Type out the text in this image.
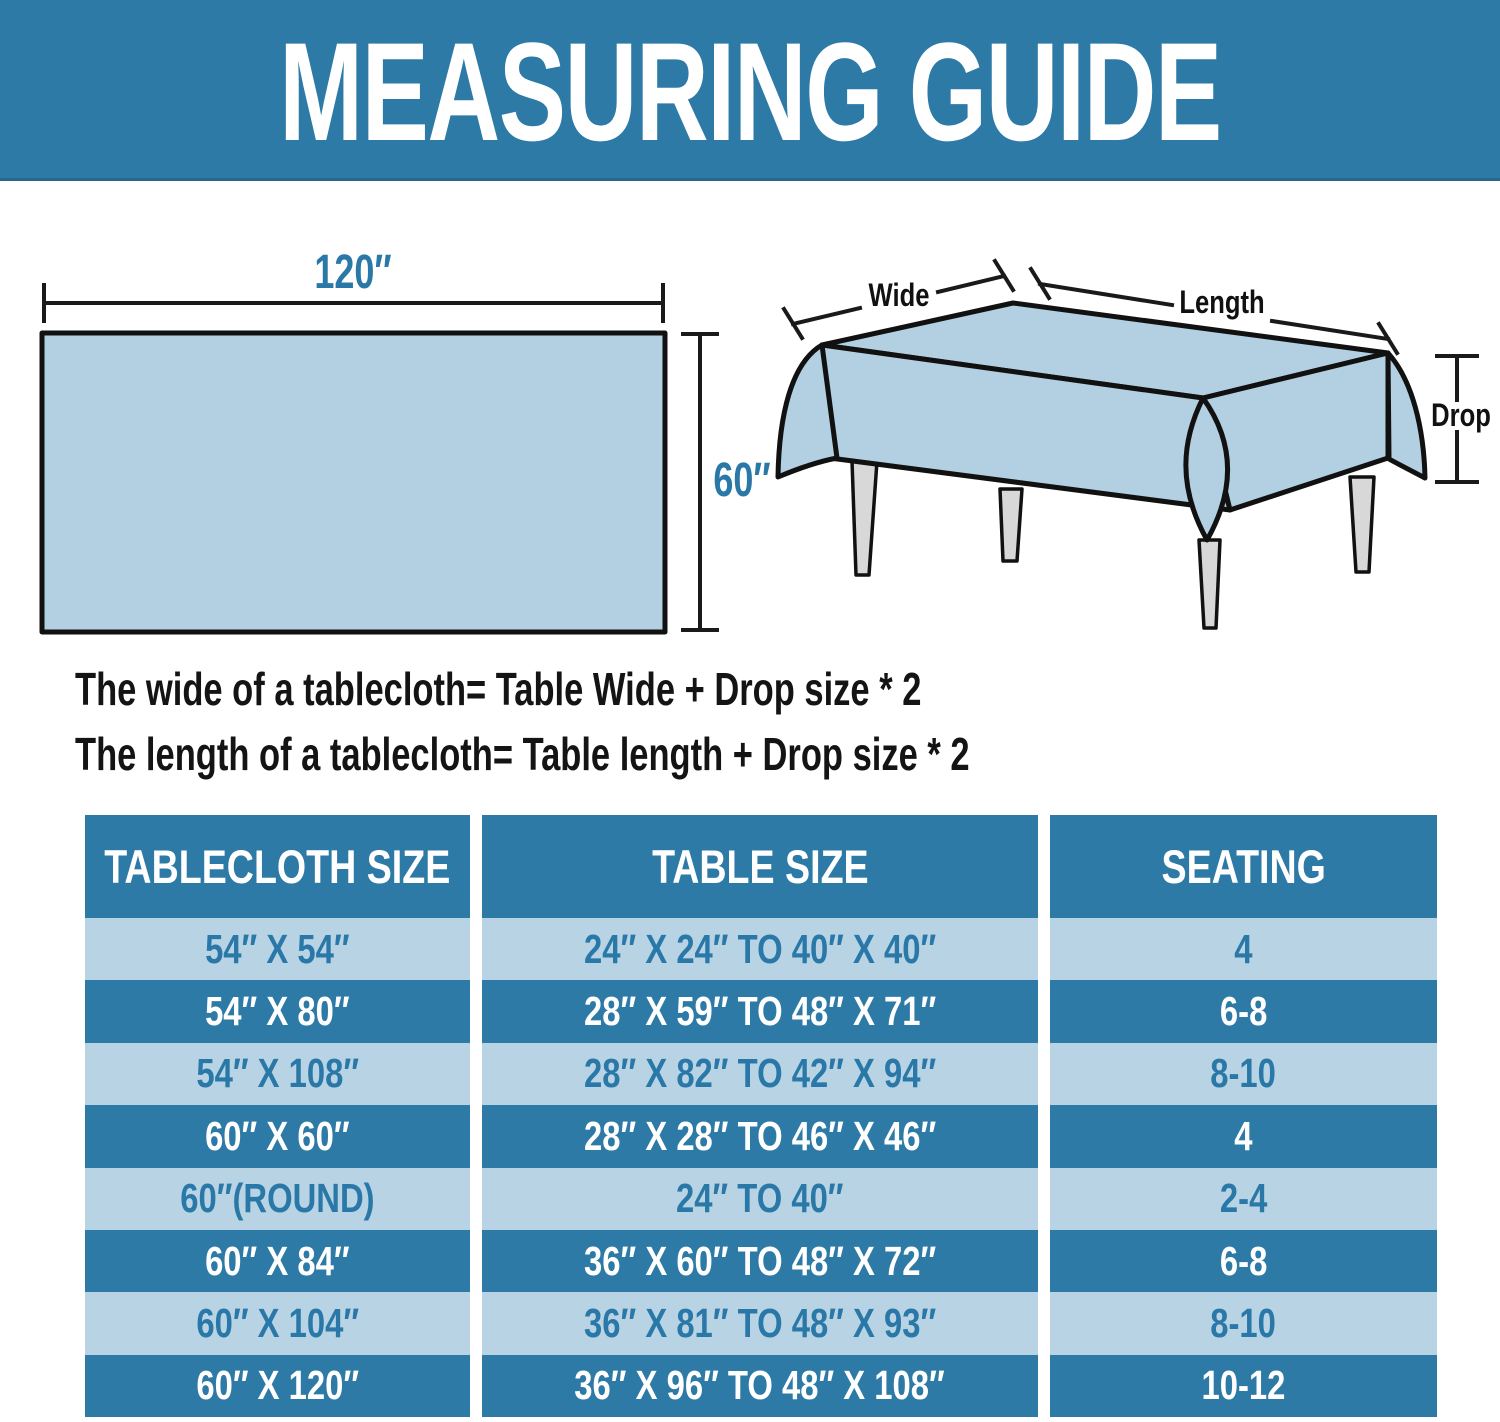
MEASURING GUIDE
120″
60″
Wide	Length
Drop
The wide of a tablecloth= Table Wide + Drop size * 2
The length of a tablecloth= Table length + Drop size * 2
TABLECLOTH SIZE	TABLE SIZE	SEATING
54″ X 54″	24″ X 24″ TO 40″ X 40″	4
54″ X 80″	28″ X 59″ TO 48″ X 71″	6-8
54″ X 108″	28″ X 82″ TO 42″ X 94″	8-10
60″ X 60″	28″ X 28″ TO 46″ X 46″	4
60″(ROUND)	24″ TO 40″	2-4
60″ X 84″	36″ X 60″ TO 48″ X 72″	6-8
60″ X 104″	36″ X 81″ TO 48″ X 93″	8-10
60″ X 120″	36″ X 96″ TO 48″ X 108″	10-12
